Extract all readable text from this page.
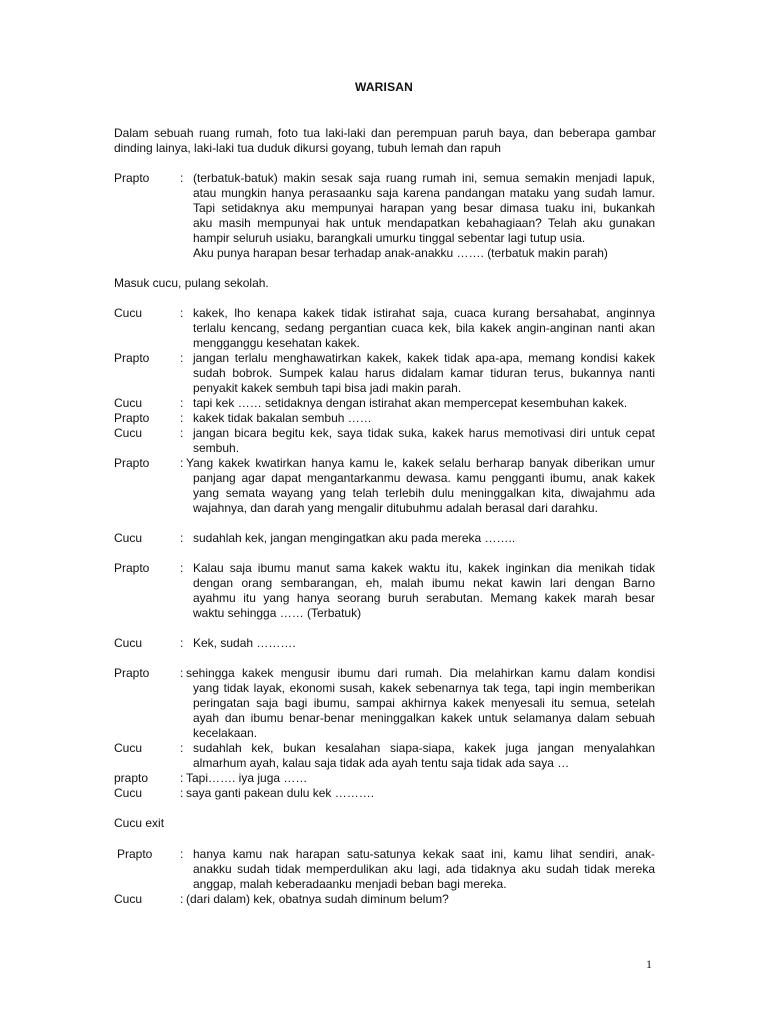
WARISAN

Dalam sebuah ruang rumah, foto tua laki-laki dan perempuan paruh baya, dan beberapa gambar

dinding lainya, laki-laki tua duduk dikursi goyang, tubuh lemah dan rapuh

Prapto	: (terbatuk-batuk) makin sesak saja ruang rumah ini, semua semakin menjadi lapuk,
atau mungkin hanya perasaanku saja karena pandangan mataku yang sudah lamur.
Tapi setidaknya aku mempunyai harapan yang besar dimasa tuaku ini, bukankah
aku masih mempunyai hak untuk mendapatkan kebahagiaan? Telah aku gunakan
hampir seluruh usiaku, barangkali umurku tinggal sebentar lagi tutup usia.
Aku punya harapan besar terhadap anak-anakku ……. (terbatuk makin parah)
Masuk cucu, pulang sekolah.
Cucu	: kakek, lho kenapa kakek tidak istirahat saja, cuaca kurang bersahabat, anginnya
terlalu kencang, sedang pergantian cuaca kek, bila kakek angin-anginan nanti akan
mengganggu kesehatan kakek.
Prapto	: jangan terlalu menghawatirkan kakek, kakek tidak apa-apa, memang kondisi kakek
sudah bobrok. Sumpek kalau harus didalam kamar tiduran terus, bukannya nanti
penyakit kakek sembuh tapi bisa jadi makin parah.
Cucu	: tapi kek …… setidaknya dengan istirahat akan mempercepat kesembuhan kakek.
Prapto	: kakek tidak bakalan sembuh ……
Cucu	: jangan bicara begitu kek, saya tidak suka, kakek harus memotivasi diri untuk cepat
sembuh.
Prapto	: Yang kakek kwatirkan hanya kamu le, kakek selalu berharap banyak diberikan umur
panjang agar dapat mengantarkanmu dewasa. kamu pengganti ibumu, anak kakek
yang semata wayang yang telah terlebih dulu meninggalkan kita, diwajahmu ada
wajahnya, dan darah yang mengalir ditubuhmu adalah berasal dari darahku.
Cucu	: sudahlah kek, jangan mengingatkan aku pada mereka ……..
Prapto	: Kalau saja ibumu manut sama kakek waktu itu, kakek inginkan dia menikah tidak
dengan orang sembarangan, eh, malah ibumu nekat kawin lari dengan Barno
ayahmu itu yang hanya seorang buruh serabutan. Memang kakek marah besar
waktu sehingga …… (Terbatuk)
Cucu	: Kek, sudah ……….
Prapto	: sehingga kakek mengusir ibumu dari rumah. Dia melahirkan kamu dalam kondisi
yang tidak layak, ekonomi susah, kakek sebenarnya tak tega, tapi ingin memberikan
peringatan saja bagi ibumu, sampai akhirnya kakek menyesali itu semua, setelah
ayah dan ibumu benar-benar meninggalkan kakek untuk selamanya dalam sebuah
kecelakaan.
Cucu	: sudahlah kek, bukan kesalahan siapa-siapa, kakek juga jangan menyalahkan
almarhum ayah, kalau saja tidak ada ayah tentu saja tidak ada saya …
prapto	: Tapi……. iya juga ……
Cucu	: saya ganti pakean dulu kek ……….
Cucu exit
Prapto : hanya kamu nak harapan satu-satunya kekak saat ini, kamu lihat sendiri, anak-
anakku sudah tidak memperdulikan aku lagi, ada tidaknya aku sudah tidak mereka
anggap, malah keberadaanku menjadi beban bagi mereka.
Cucu	: (dari dalam) kek, obatnya sudah diminum belum?
1
